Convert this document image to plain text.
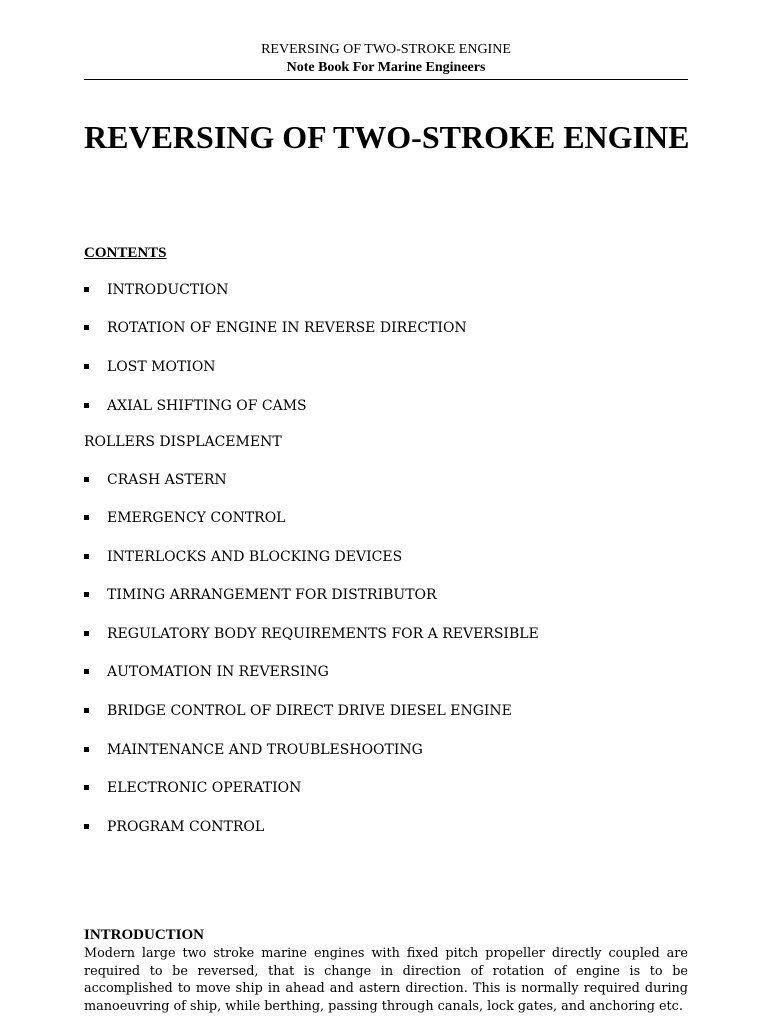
REVERSING OF TWO-STROKE ENGINE
Note Book For Marine Engineers
REVERSING OF TWO-STROKE ENGINE
CONTENTS
INTRODUCTION
ROTATION OF ENGINE IN REVERSE DIRECTION
LOST MOTION
AXIAL SHIFTING OF CAMS
ROLLERS DISPLACEMENT
CRASH ASTERN
EMERGENCY CONTROL
INTERLOCKS AND BLOCKING DEVICES
TIMING ARRANGEMENT FOR DISTRIBUTOR
REGULATORY BODY REQUIREMENTS FOR A REVERSIBLE
AUTOMATION IN REVERSING
BRIDGE CONTROL OF DIRECT DRIVE DIESEL ENGINE
MAINTENANCE AND TROUBLESHOOTING
ELECTRONIC OPERATION
PROGRAM CONTROL
INTRODUCTION
Modern large two stroke marine engines with fixed pitch propeller directly coupled are required to be reversed, that is change in direction of rotation of engine is to be accomplished to move ship in ahead and astern direction. This is normally required during manoeuvring of ship, while berthing, passing through canals, lock gates, and anchoring etc.
